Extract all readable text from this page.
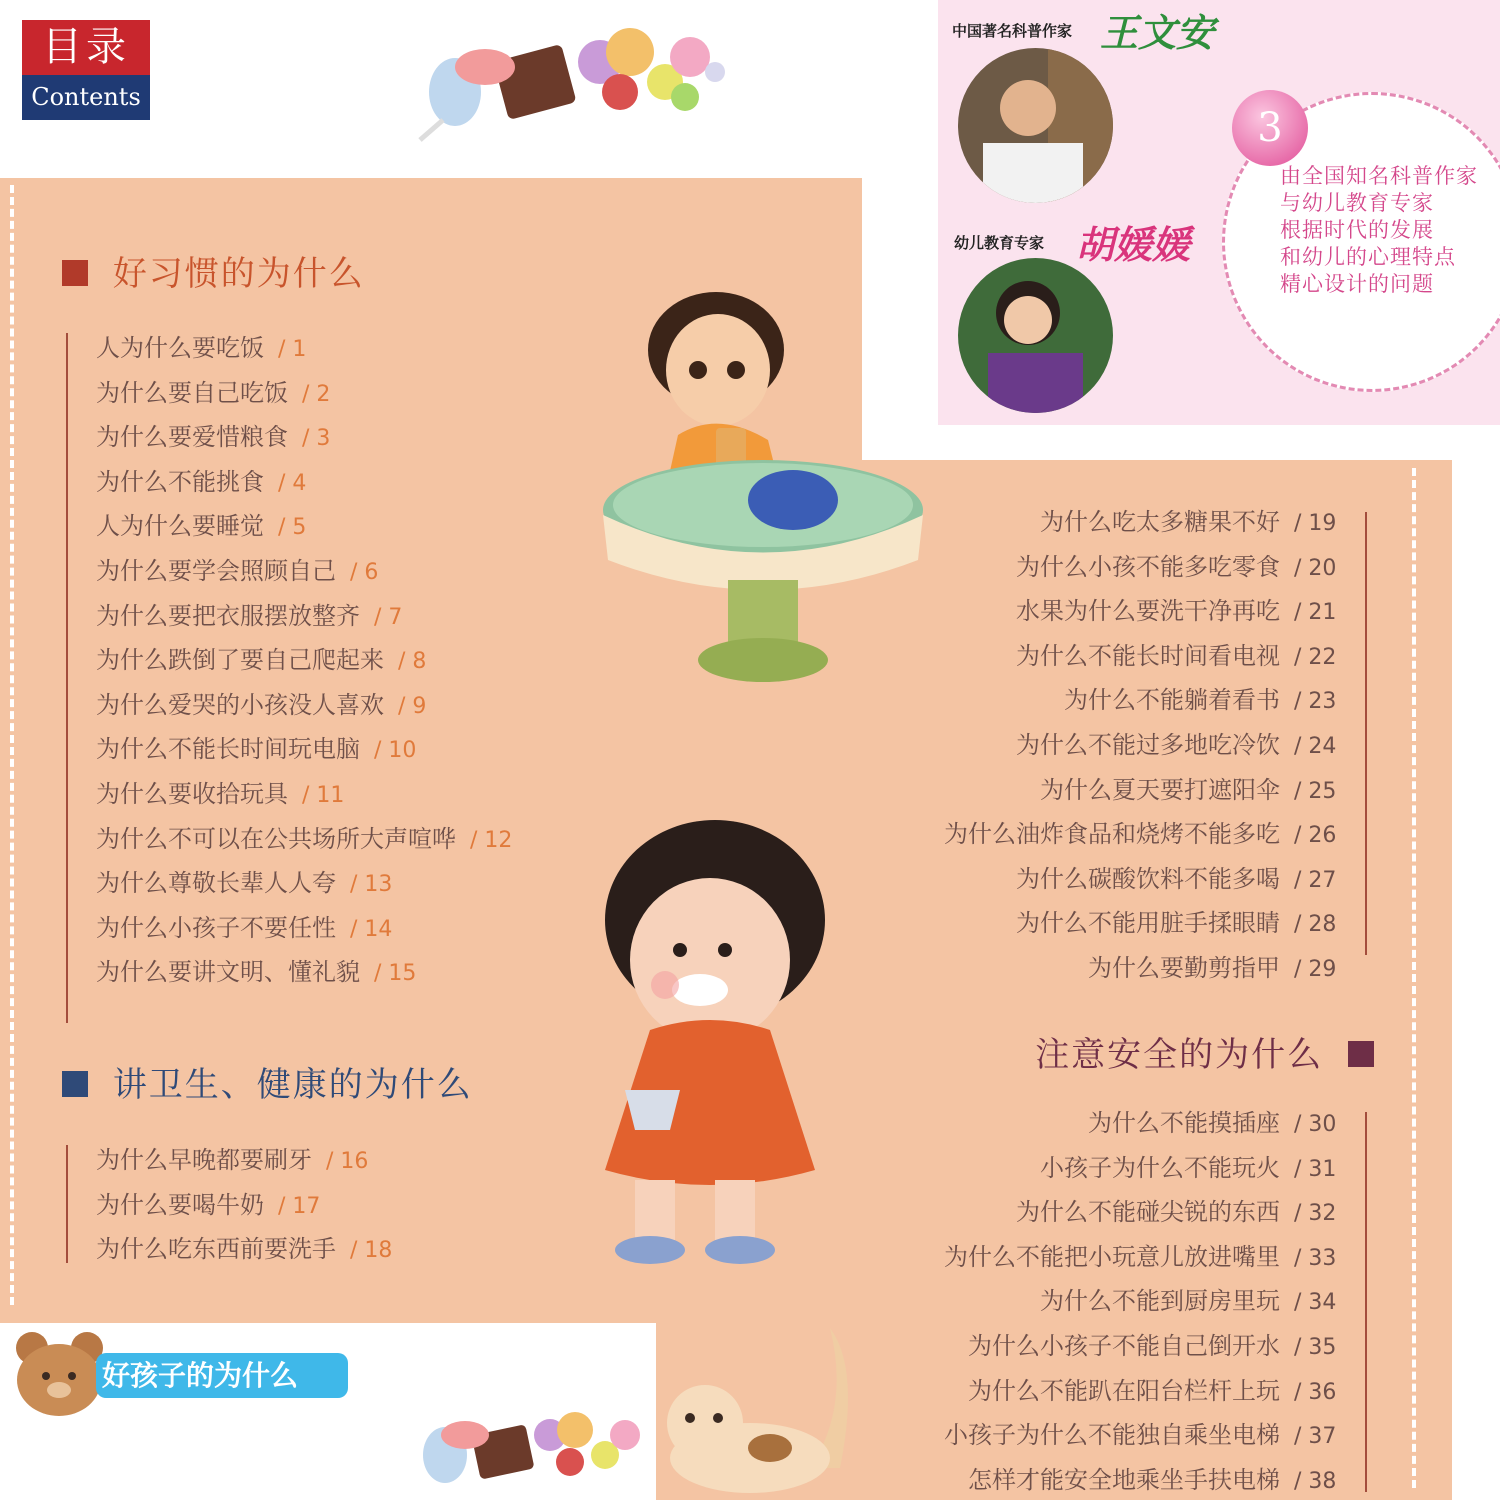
目录
Contents
好习惯的为什么
人为什么要吃饭 / 1
为什么要自己吃饭 / 2
为什么要爱惜粮食 / 3
为什么不能挑食 / 4
人为什么要睡觉 / 5
为什么要学会照顾自己 / 6
为什么要把衣服摆放整齐 / 7
为什么跌倒了要自己爬起来 / 8
为什么爱哭的小孩没人喜欢 / 9
为什么不能长时间玩电脑 / 10
为什么要收拾玩具 / 11
为什么不可以在公共场所大声喧哗 / 12
为什么尊敬长辈人人夸 / 13
为什么小孩子不要任性 / 14
为什么要讲文明、懂礼貌 / 15
讲卫生、健康的为什么
为什么早晚都要刷牙 / 16
为什么要喝牛奶 / 17
为什么吃东西前要洗手 / 18
为什么吃太多糖果不好 / 19
为什么小孩不能多吃零食 / 20
水果为什么要洗干净再吃 / 21
为什么不能长时间看电视 / 22
为什么不能躺着看书 / 23
为什么不能过多地吃冷饮 / 24
为什么夏天要打遮阳伞 / 25
为什么油炸食品和烧烤不能多吃 / 26
为什么碳酸饮料不能多喝 / 27
为什么不能用脏手揉眼睛 / 28
为什么要勤剪指甲 / 29
注意安全的为什么
为什么不能摸插座 / 30
小孩子为什么不能玩火 / 31
为什么不能碰尖锐的东西 / 32
为什么不能把小玩意儿放进嘴里 / 33
为什么不能到厨房里玩 / 34
为什么小孩子不能自己倒开水 / 35
为什么不能趴在阳台栏杆上玩 / 36
小孩子为什么不能独自乘坐电梯 / 37
怎样才能安全地乘坐手扶电梯 / 38
中国著名科普作家 王文安
幼儿教育专家 胡媛媛
3
由全国知名科普作家
与幼儿教育专家
根据时代的发展
和幼儿的心理特点
精心设计的问题
好孩子的为什么
